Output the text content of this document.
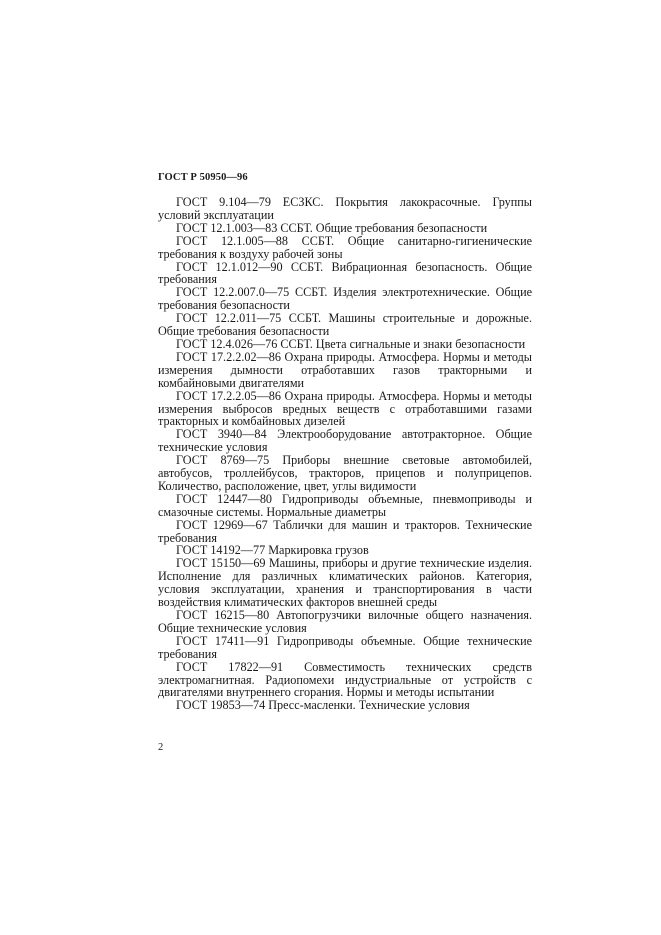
ГОСТ Р 50950—96

ГОСТ 9.104—79 ЕСЗКС. Покрытия лакокрасочные. Группы условий эксплуатации

ГОСТ 12.1.003—83 ССБТ. Общие требования безопасности

ГОСТ 12.1.005—88 ССБТ. Общие санитарно-гигиенические требования к воздуху рабочей зоны

ГОСТ 12.1.012—90 ССБТ. Вибрационная безопасность. Общие требования

ГОСТ 12.2.007.0—75 ССБТ. Изделия электротехнические. Общие требования безопасности

ГОСТ 12.2.011—75 ССБТ. Машины строительные и дорожные. Общие требования безопасности

ГОСТ 12.4.026—76 ССБТ. Цвета сигнальные и знаки безопасности

ГОСТ 17.2.2.02—86 Охрана природы. Атмосфера. Нормы и методы измерения дымности отработавших газов тракторными и комбайновыми двигателями

ГОСТ 17.2.2.05—86 Охрана природы. Атмосфера. Нормы и методы измерения выбросов вредных веществ с отработавшими газами тракторных и комбайновых дизелей

ГОСТ 3940—84 Электрооборудование автотракторное. Общие технические условия

ГОСТ 8769—75 Приборы внешние световые автомобилей, автобусов, троллейбусов, тракторов, прицепов и полуприцепов. Количество, расположение, цвет, углы видимости

ГОСТ 12447—80 Гидроприводы объемные, пневмоприводы и смазочные системы. Нормальные диаметры

ГОСТ 12969—67 Таблички для машин и тракторов. Технические требования

ГОСТ 14192—77 Маркировка грузов

ГОСТ 15150—69 Машины, приборы и другие технические изделия. Исполнение для различных климатических районов. Категория, условия эксплуатации, хранения и транспортирования в части воздействия климатических факторов внешней среды

ГОСТ 16215—80 Автопогрузчики вилочные общего назначения. Общие технические условия

ГОСТ 17411—91 Гидроприводы объемные. Общие технические требования

ГОСТ 17822—91 Совместимость технических средств электромагнитная. Радиопомехи индустриальные от устройств с двигателями внутреннего сгорания. Нормы и методы испытании

ГОСТ 19853—74 Пресс-масленки. Технические условия

2
